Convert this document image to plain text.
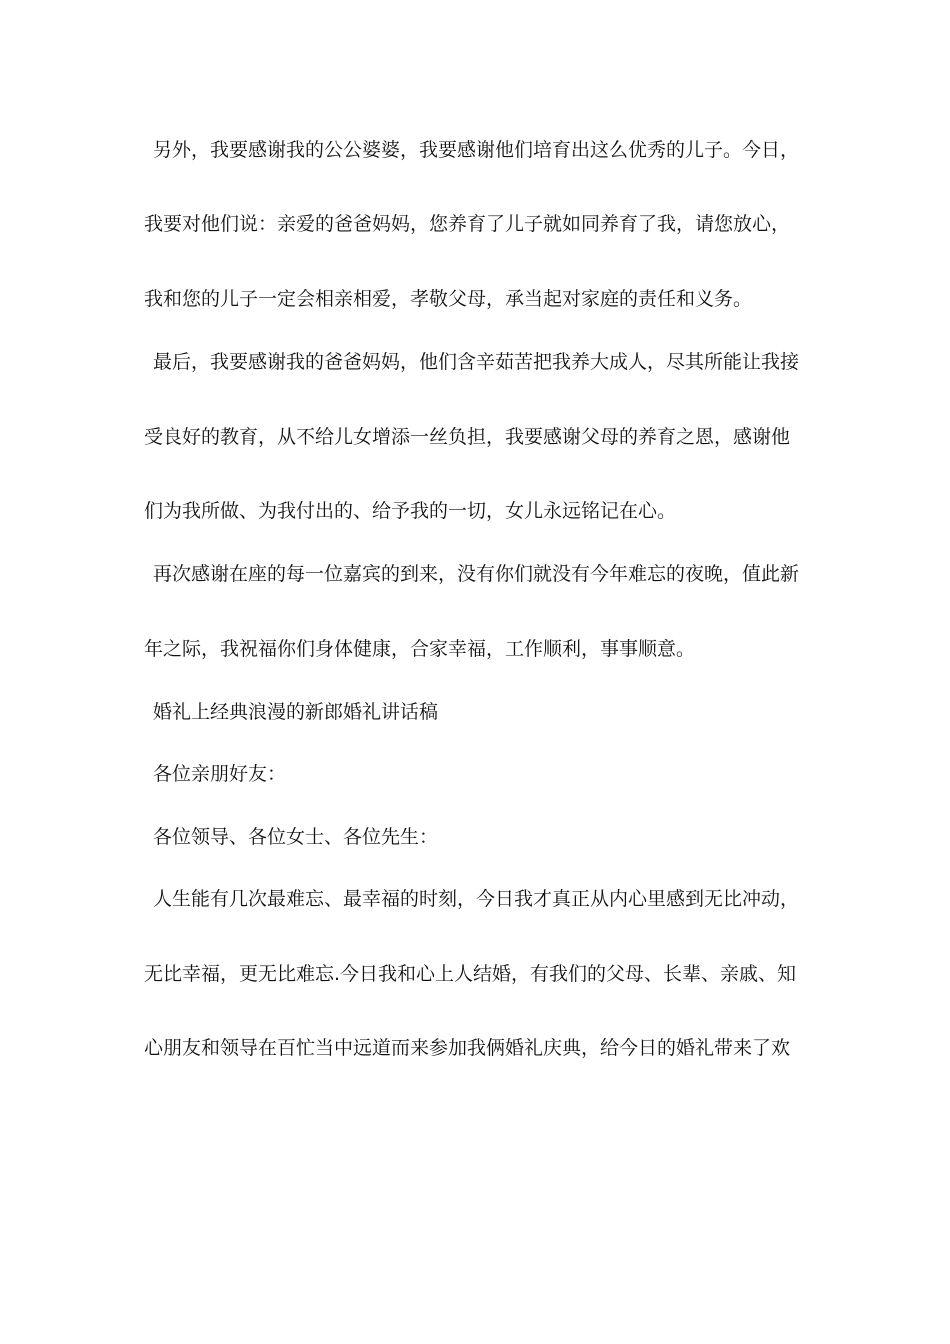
另外，我要感谢我的公公婆婆，我要感谢他们培育出这么优秀的儿子。今日，
我要对他们说：亲爱的爸爸妈妈，您养育了儿子就如同养育了我，请您放心，
我和您的儿子一定会相亲相爱，孝敬父母，承当起对家庭的责任和义务。
最后，我要感谢我的爸爸妈妈，他们含辛茹苦把我养大成人，尽其所能让我接
受良好的教育，从不给儿女增添一丝负担，我要感谢父母的养育之恩，感谢他
们为我所做、为我付出的、给予我的一切，女儿永远铭记在心。
再次感谢在座的每一位嘉宾的到来，没有你们就没有今年难忘的夜晚，值此新
年之际，我祝福你们身体健康，合家幸福，工作顺利，事事顺意。
婚礼上经典浪漫的新郎婚礼讲话稿
各位亲朋好友：
各位领导、各位女士、各位先生：
人生能有几次最难忘、最幸福的时刻，今日我才真正从内心里感到无比冲动，
无比幸福，更无比难忘.今日我和心上人结婚，有我们的父母、长辈、亲戚、知
心朋友和领导在百忙当中远道而来参加我俩婚礼庆典，给今日的婚礼带来了欢
